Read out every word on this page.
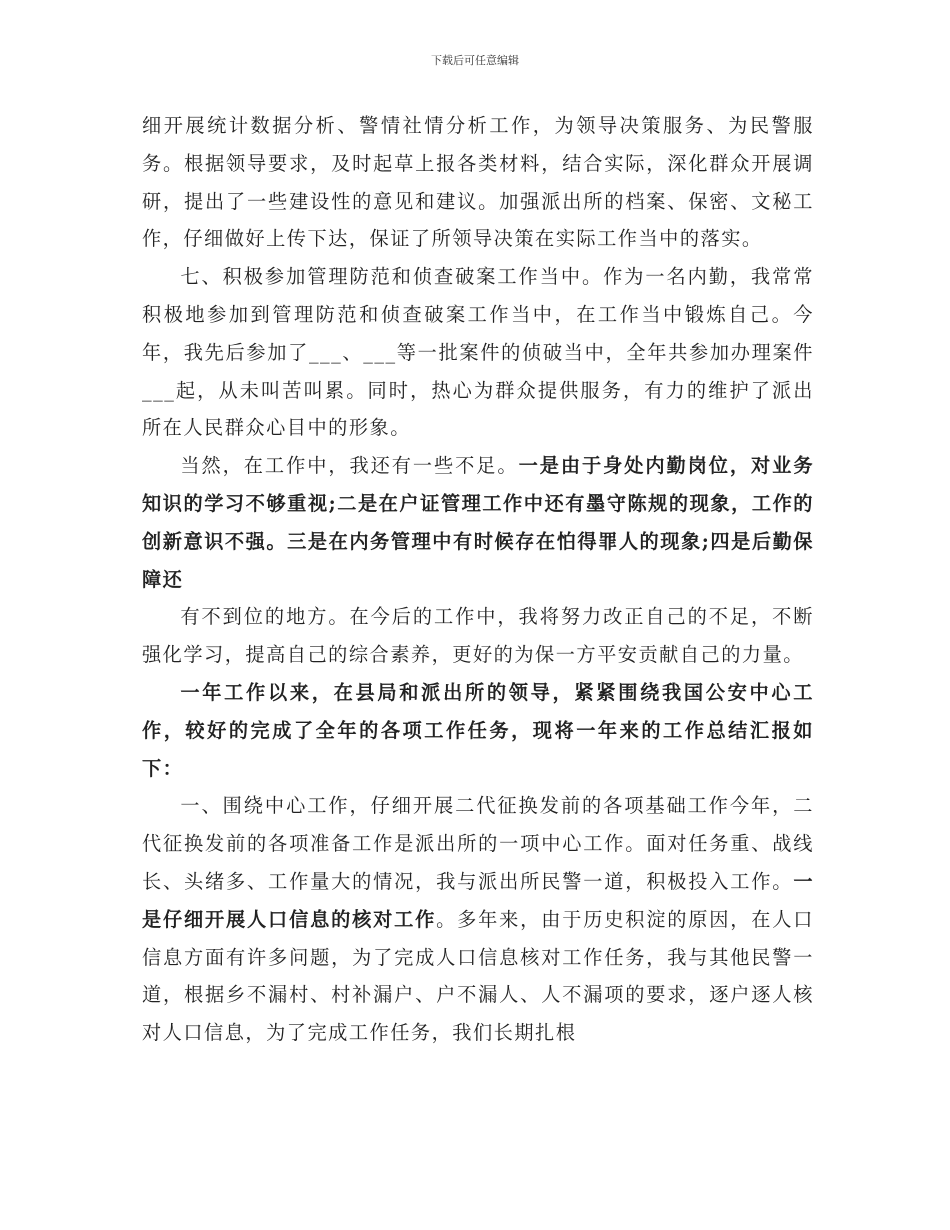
下载后可任意编辑

细开展统计数据分析、警情社情分析工作，为领导决策服务、为民警服务。根据领导要求，及时起草上报各类材料，结合实际，深化群众开展调研，提出了一些建设性的意见和建议。加强派出所的档案、保密、文秘工作，仔细做好上传下达，保证了所领导决策在实际工作当中的落实。

七、积极参加管理防范和侦查破案工作当中。作为一名内勤，我常常积极地参加到管理防范和侦查破案工作当中，在工作当中锻炼自己。今年，我先后参加了___、___等一批案件的侦破当中，全年共参加办理案件___起，从未叫苦叫累。同时，热心为群众提供服务，有力的维护了派出所在人民群众心目中的形象。

当然，在工作中，我还有一些不足。一是由于身处内勤岗位，对业务知识的学习不够重视;二是在户证管理工作中还有墨守陈规的现象，工作的创新意识不强。三是在内务管理中有时候存在怕得罪人的现象;四是后勤保障还

有不到位的地方。在今后的工作中，我将努力改正自己的不足，不断强化学习，提高自己的综合素养，更好的为保一方平安贡献自己的力量。

一年工作以来，在县局和派出所的领导，紧紧围绕我国公安中心工作，较好的完成了全年的各项工作任务，现将一年来的工作总结汇报如下：

一、围绕中心工作，仔细开展二代征换发前的各项基础工作今年，二代征换发前的各项准备工作是派出所的一项中心工作。面对任务重、战线长、头绪多、工作量大的情况，我与派出所民警一道，积极投入工作。一是仔细开展人口信息的核对工作。多年来，由于历史积淀的原因，在人口信息方面有许多问题，为了完成人口信息核对工作任务，我与其他民警一道，根据乡不漏村、村补漏户、户不漏人、人不漏项的要求，逐户逐人核对人口信息，为了完成工作任务，我们长期扎根
